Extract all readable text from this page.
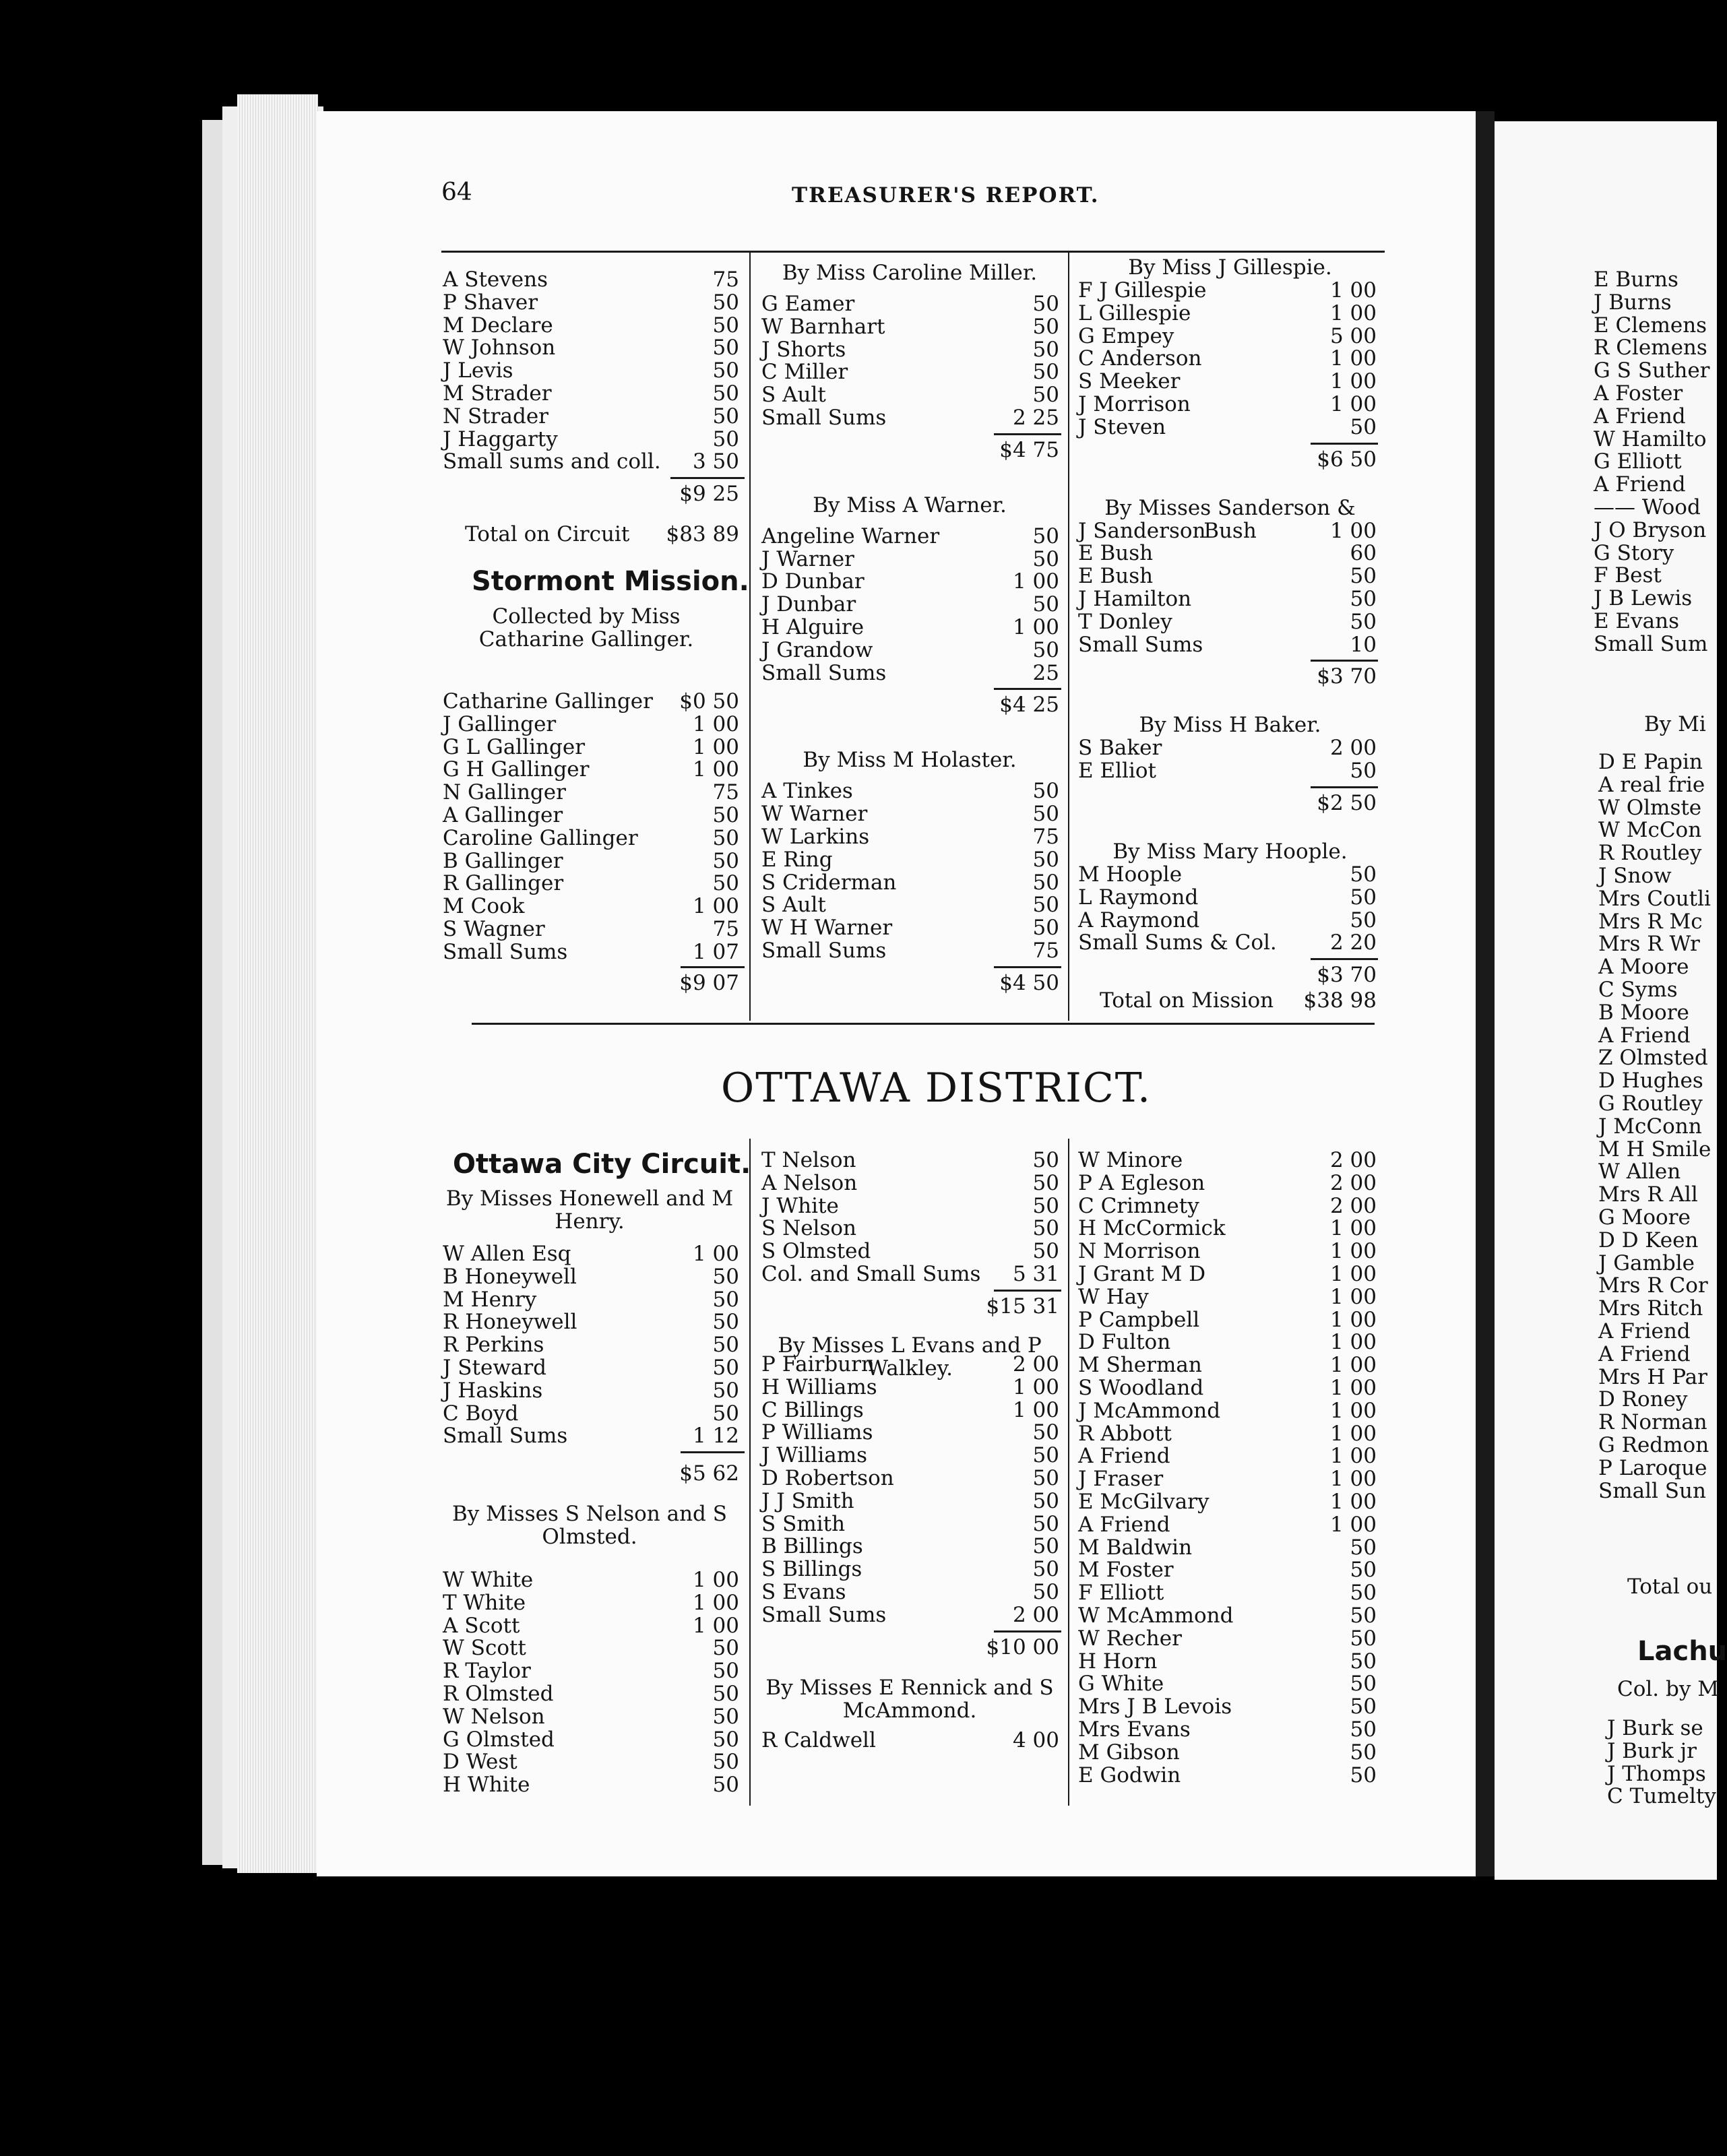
64	TREASURER'S REPORT.
A Stevens	75
P Shaver	50
M Declare	50
W Johnson	50
J Levis	50
M Strader	50
N Strader	50
J Haggarty	50
Small sums and coll. 3 50
$9 25
Total on Circuit	$83 89
Stormont Mission.
Collected by Miss Catharine Gallinger.
Catharine Gallinger $0 50
J Gallinger	1 00
G L Gallinger	1 00
G H Gallinger	1 00
N Gallinger	75
A Gallinger	50
Caroline Gallinger	50
B Gallinger	50
R Gallinger	50
M Cook	1 00
S Wagner	75
Small Sums	1 07
$9 07
By Miss Caroline Miller.
G Eamer	50
W Barnhart	50
J Shorts	50
C Miller	50
S Ault	50
Small Sums	2 25
$4 75
By Miss A Warner.
Angeline Warner	50
J Warner	50
D Dunbar	1 00
J Dunbar	50
H Alguire	1 00
J Grandow	50
Small Sums	25
$4 25
By Miss M Holaster.
A Tinkes	50
W Warner	50
W Larkins	75
E Ring	50
S Criderman	50
S Ault	50
W H Warner	50
Small Sums	75
$4 50
By Miss J Gillespie.
F J Gillespie	1 00
L Gillespie	1 00
G Empey	5 00
C Anderson	1 00
S Meeker	1 00
J Morrison	1 00
J Steven	50
$6 50
By Misses Sanderson & Bush
J Sanderson	1 00
E Bush	60
E Bush	50
J Hamilton	50
T Donley	50
Small Sums	10
$3 70
By Miss H Baker.
S Baker	2 00
E Elliot	50
$2 50
By Miss Mary Hoople.
M Hoople	50
L Raymond	50
A Raymond	50
Small Sums & Col.	2 20
$3 70
Total on Mission	$38 98
Ottawa City Circuit.
By Misses Honewell and M Henry.
W Allen Esq	1 00
B Honeywell	50
M Henry	50
R Honeywell	50
R Perkins	50
J Steward	50
J Haskins	50
C Boyd	50
Small Sums	1 12
$5 62
By Misses S Nelson and S Olmsted.
W White	1 00
T White	1 00
A Scott	1 00
W Scott	50
R Taylor	50
R Olmsted	50
W Nelson	50
G Olmsted	50
D West	50
H White	50
T Nelson	50
A Nelson	50
J White	50
S Nelson	50
S Olmsted	50
Col. and Small Sums 5 31
$15 31
By Misses L Evans and P Walkley.
P Fairburn	2 00
H Williams	1 00
C Billings	1 00
P Williams	50
J Williams	50
D Robertson	50
J J Smith	50
S Smith	50
B Billings	50
S Billings	50
S Evans	50
Small Sums	2 00
$10 00
By Misses E Rennick and S McAmmond.
R Caldwell	4 00
W Minore	2 00
P A Egleson	2 00
C Crimnety	2 00
H McCormick	1 00
N Morrison	1 00
J Grant M D	1 00
W Hay	1 00
P Campbell	1 00
D Fulton	1 00
M Sherman	1 00
S Woodland	1 00
J McAmmond	1 00
R Abbott	1 00
A Friend	1 00
J Fraser	1 00
E McGilvary	1 00
A Friend	1 00
M Baldwin	50
M Foster	50
F Elliott	50
W McAmmond	50
W Recher	50
H Horn	50
G White	50
Mrs J B Levois	50
Mrs Evans	50
M Gibson	50
E Godwin	50
OTTAWA DISTRICT.
E Burns
J Burns
E Clemens
R Clemens
G S Suther
A Foster
A Friend
W Hamilto
G Elliott
A Friend
—— Wood
J O Bryson
G Story
F Best
J B Lewis
E Evans
Small Sum
By Mi
D E Papin
A real frie
W Olmste
W McCon
R Routley
J Snow
Mrs Coutli
Mrs R Mc
Mrs R Wr
A Moore
C Syms
B Moore
A Friend
Z Olmsted
D Hughes
G Routley
J McConn
M H Smile
W Allen
Mrs R All
G Moore
D D Keen
J Gamble
Mrs R Cor
Mrs Ritch
A Friend
A Friend
Mrs H Par
D Roney
R Norman
G Redmon
P Laroque
Small Sun
Total ou
Lachu
Col. by M
J Burk se
J Burk jr
J Thomps
C Tumelty
